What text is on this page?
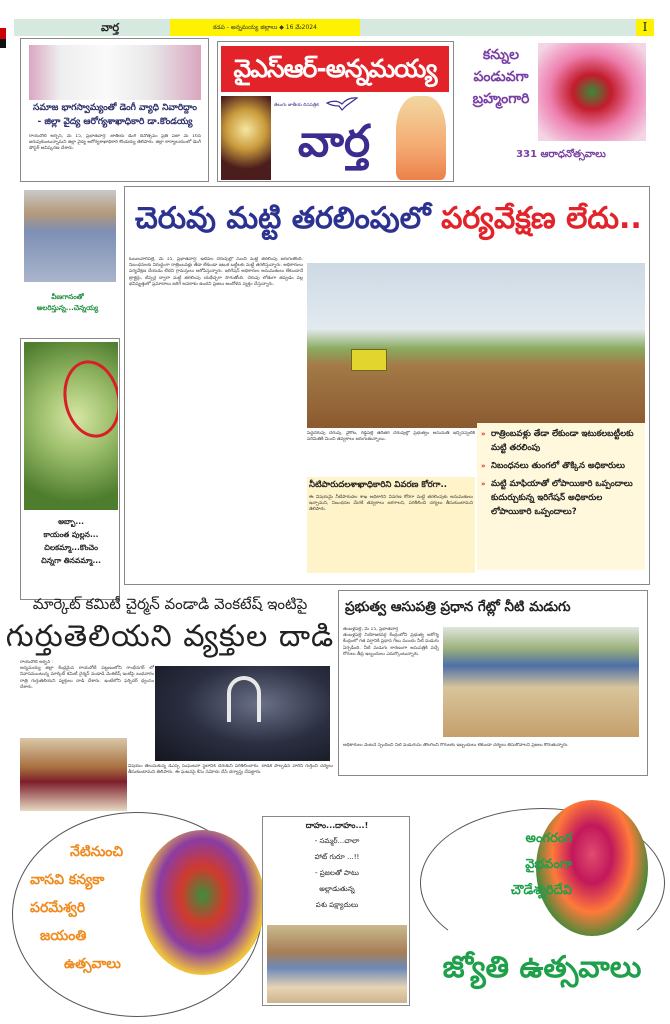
వార్త	కడప - అన్నమయ్య జిల్లాలు ◆ 16 మే2024	I
సమాజ భాగస్వామ్యంతో డెంగీ వ్యాధి నివారిద్దాం
- జిల్లా వైద్య ఆరోగ్యశాఖాధికారి డా.కొండయ్య
రాయచోటి అర్బన్, మే 15, ప్రభాతవార్త: జాతీయ డెంగీ దినోత్సవం ప్రతి ఏటా మే 16న జరుపుకుంటున్నామని జిల్లా వైద్య ఆరోగ్యశాఖాధికారి కొండయ్య తెలిపారు. జిల్లా కార్యాలయంలో డెంగీ పోస్టర్ ఆవిష్కరణ చేశారు.
వైఎస్ఆర్-అన్నమయ్య
తెలుగు జాతీయ దినపత్రిక
వార్త
కన్నుల
పండువగా
బ్రహ్మంగారి
331 ఆరాధనోత్సవాలు
వీణగానంతో
అలరిస్తున్న...చెన్నయ్య
అబ్బా...
కాయంత పుల్లన...
చిలకమ్మా...కొంచెం
చిన్నగా తినవమ్మా...
చెరువు మట్టి తరలింపులో పర్యవేక్షణ లేదు..
ఓబులవారిపల్లె, మే 15, ప్రభాతవార్త: ఇటీవల చెరువుల్లో నుంచి మట్టి తరలింపు జరుగుతోంది. నిబంధనలకు విరుద్ధంగా రాత్రింబవళ్లు తేడా లేకుండా ఇటుక బట్టీలకు మట్టి తరలిస్తున్నారు. అధికారులు పర్యవేక్షణ చేయడం లేదని గ్రామస్తులు ఆరోపిస్తున్నారు. ఇరిగేషన్ అధికారుల అనుమతులు లేకుండానే ట్రాక్టర్లు, టిప్పర్ల ద్వారా మట్టి తరలింపు యథేచ్ఛగా సాగుతోంది. చెరువు లోతుగా తవ్వడం వల్ల భవిష్యత్తులో ప్రమాదాలు జరిగే అవకాశం ఉందని ప్రజలు ఆందోళన వ్యక్తం చేస్తున్నారు.
పెద్దచెరువు చెరువు, వైకోట, రెడ్డిపల్లె తదితర చెరువుల్లో ప్రభుత్వం అనుమతి ఇచ్చినప్పటికీ పరిమితికి మించి తవ్వకాలు జరుగుతున్నాయి.
నీటిపారుదలశాఖాధికారిని వివరణ కోరగా..
ఈ విషయమై నీటిపారుదల శాఖ అధికారిని వివరణ కోరగా మట్టి తరలింపుకు అనుమతులు ఇచ్చామని, నిబంధనల మేరకే తవ్వకాలు జరగాలని, పరిశీలించి చర్యలు తీసుకుంటామని తెలిపారు.
» రాత్రింబవళ్లు తేడా లేకుండా ఇటుకలబట్టీలకు మట్టి తరలింపు
» నిబంధనలు తుంగలో తొక్కిన అధికారులు
» మట్టి మాఫియాతో లోపాయికారి ఒప్పందాలు కుదుర్చుకున్న ఇరిగేషన్ అధికారుల లోపాయికారి ఒప్పందాలు?
మార్కెట్ కమిటీ చైర్మన్ వండాడి వెంకటేష్ ఇంటిపై
గుర్తుతెలియని వ్యక్తుల దాడి
రాయచోటి అర్బన్ :
అన్నమయ్య జిల్లా కేంద్రమైన రాయచోటి పట్టణంలోని గాంధీనగర్ లో నివాసముంటున్న మార్కెట్ కమిటీ చైర్మన్ వండాడి వెంకటేష్ ఇంటిపై బుధవారం రాత్రి గుర్తుతెలియని వ్యక్తులు దాడి చేశారు. ఇంటిలోని ఫర్నిచర్ ధ్వంసం చేశారు.
విషయం తెలుసుకున్న డీఎస్పీ సంఘటనా స్థలానికి చేరుకుని పరిశీలించారు. దాడికి పాల్పడిన వారిని గుర్తించి చర్యలు తీసుకుంటామని తెలిపారు. ఈ ఘటనపై కేసు నమోదు చేసి దర్యాప్తు చేపట్టారు.
ప్రభుత్వ ఆసుపత్రి ప్రధాన గేట్లో నీటి మడుగు
తంబళ్లపల్లె, మే 15, ప్రభాతవార్త
తంబళ్లపల్లె నియోజకవర్గ కేంద్రంలోని ప్రభుత్వ ఆరోగ్య కేంద్రంలో గత వర్షానికి ప్రధాన గేటు ముందు నీటి మడుగు ఏర్పడింది. నీటి మడుగు కారణంగా ఆసుపత్రికి వచ్చే రోగులు తీవ్ర ఇబ్బందులు ఎదుర్కొంటున్నారు.
అధికారులు వెంటనే స్పందించి నీటి మడుగును తొలగించి రోగులకు ఇబ్బందులు లేకుండా చర్యలు తీసుకోవాలని ప్రజలు కోరుతున్నారు.
నేటినుంచి
వాసవి కన్యకా
పరమేశ్వరి
జయంతి
ఉత్సవాలు
దాహం...దాహం...!
- సమ్మర్...చాలా
హాట్ గురూ ...!!
- ప్రజలతో పాటు
అల్లాడుతున్న
పశు పక్ష్యాదులు
అంగరంగ
వైభవంగా
చౌడేశ్వరిదేవి
జ్యోతి ఉత్సవాలు
